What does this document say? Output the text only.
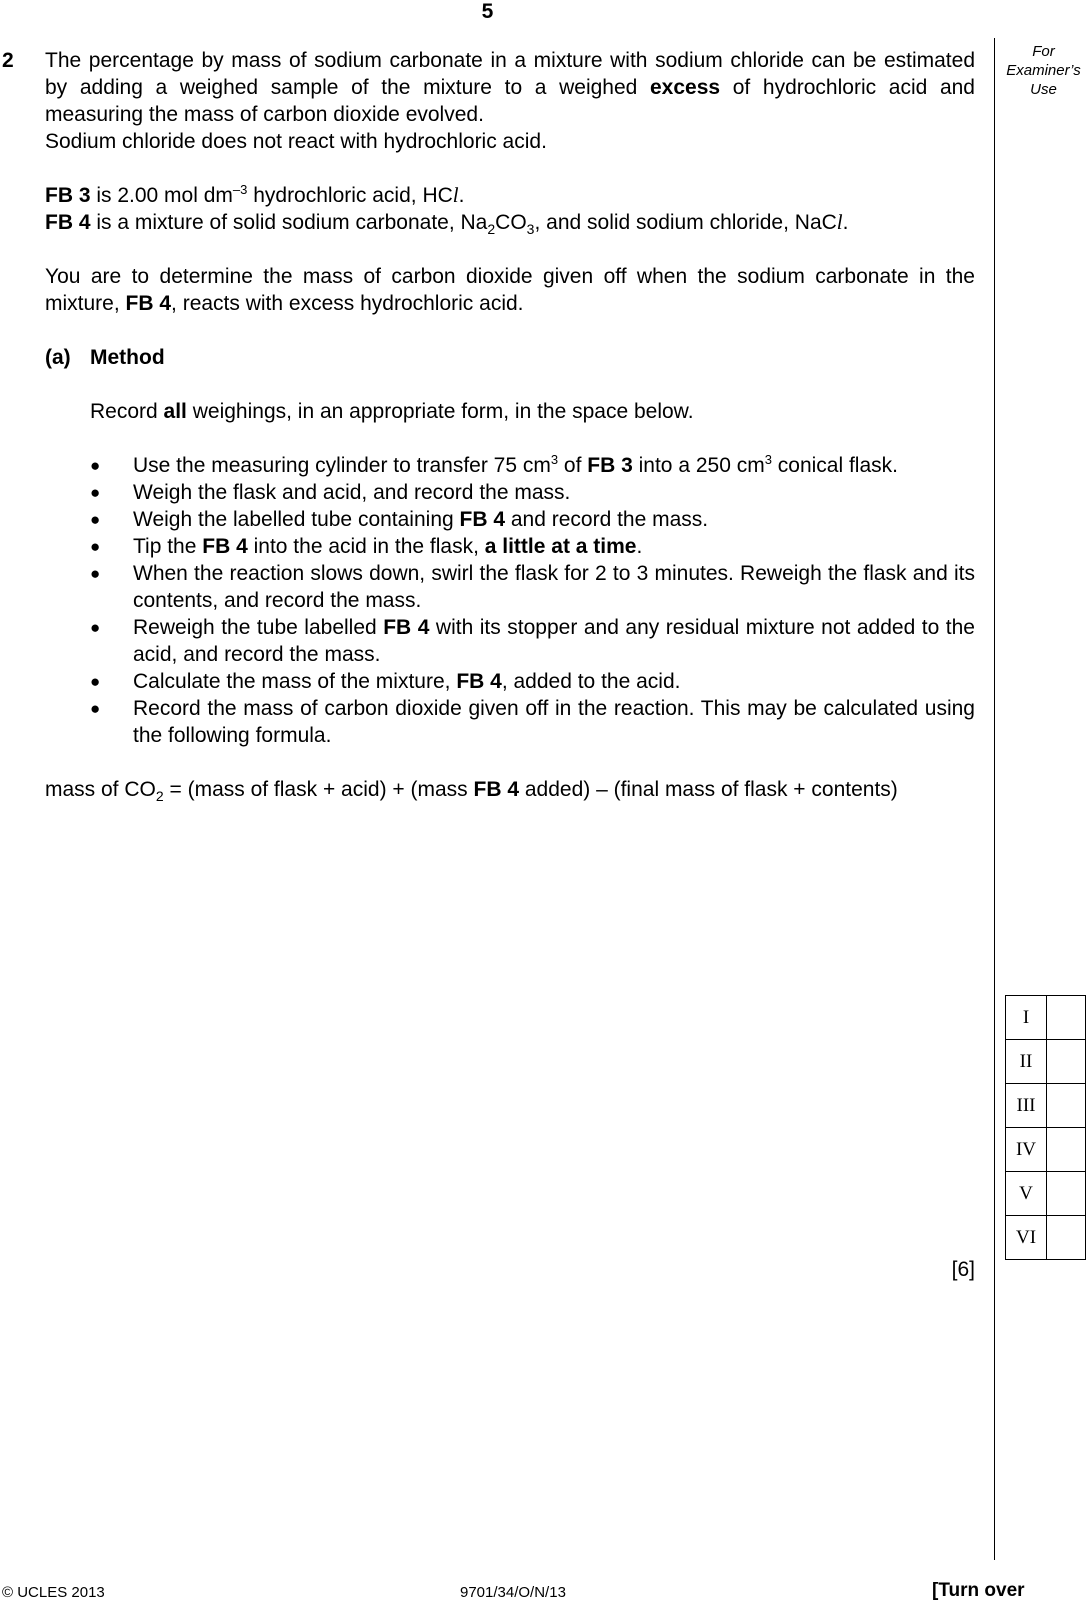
5
For
Examiner’s
Use
2 The percentage by mass of sodium carbonate in a mixture with sodium chloride can be estimated by adding a weighed sample of the mixture to a weighed excess of hydrochloric acid and measuring the mass of carbon dioxide evolved.

Sodium chloride does not react with hydrochloric acid.

FB 3 is 2.00 mol $dm^{-3}$ hydrochloric acid, HCl.

FB 4 is a mixture of solid sodium carbonate, $Na_2CO_3$, and solid sodium chloride, NaCl.

You are to determine the mass of carbon dioxide given off when the sodium carbonate in the mixture, FB 4, reacts with excess hydrochloric acid.

(a) Method

Record all weighings, in an appropriate form, in the space below.

● Use the measuring cylinder to transfer 75 $cm^3$ of FB 3 into a 250 $cm^3$ conical flask.
● Weigh the flask and acid, and record the mass.
● Weigh the labelled tube containing FB 4 and record the mass.
● Tip the FB 4 into the acid in the flask, a little at a time.
● When the reaction slows down, swirl the flask for 2 to 3 minutes. Reweigh the flask and its contents, and record the mass.
● Reweigh the tube labelled FB 4 with its stopper and any residual mixture not added to the acid, and record the mass.
● Calculate the mass of the mixture, FB 4, added to the acid.
● Record the mass of carbon dioxide given off in the reaction. This may be calculated using the following formula.

mass of $CO_2$ = (mass of flask + acid) + (mass FB 4 added) – (final mass of flask + contents)

I	
II	
III	
IV	
V	
VI	
[6]
© UCLES 2013	9701/34/O/N/13	[Turn over
